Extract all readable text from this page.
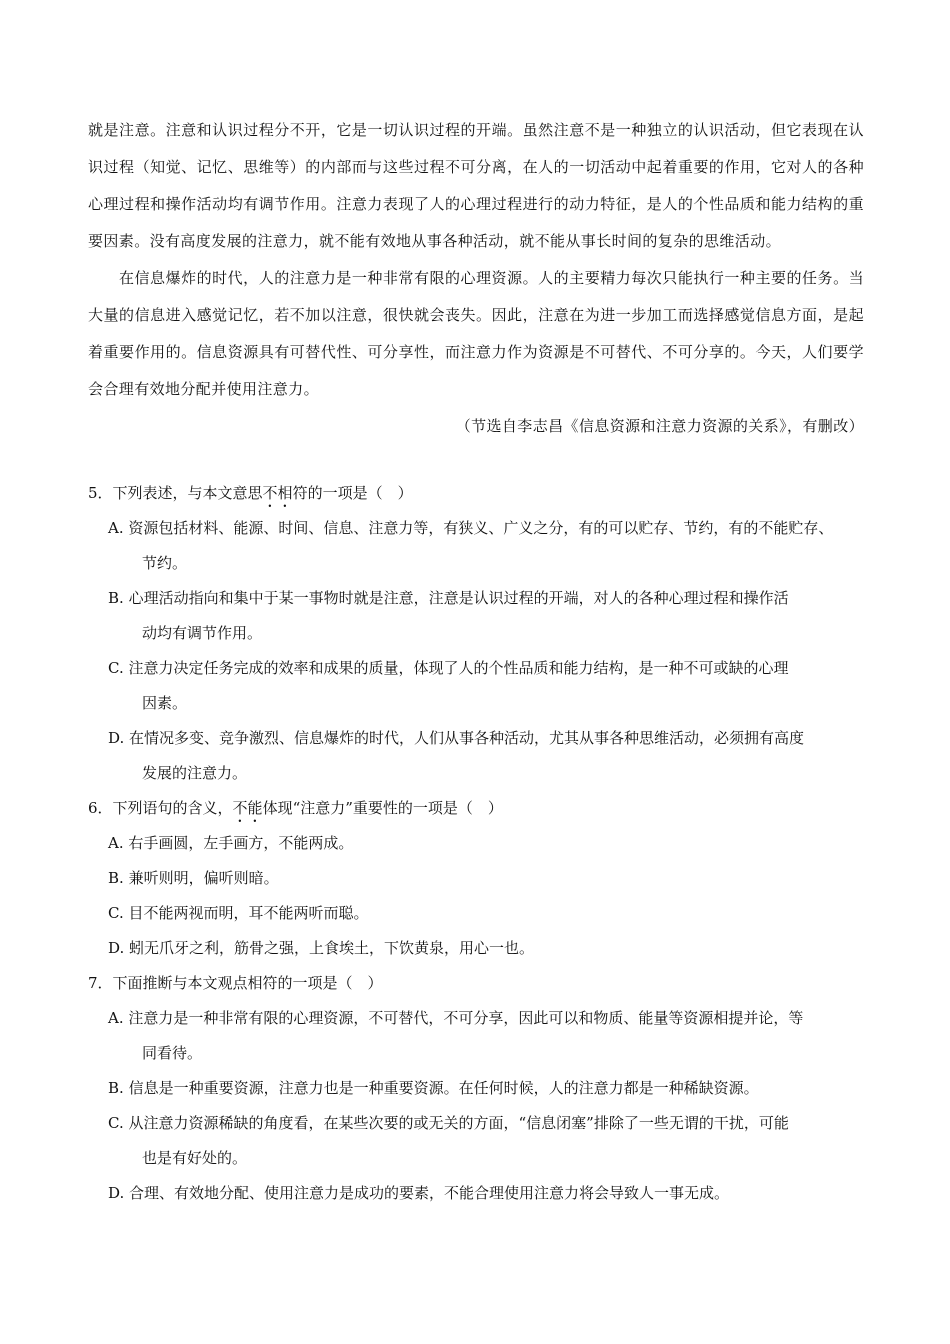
就是注意。注意和认识过程分不开，它是一切认识过程的开端。虽然注意不是一种独立的认识活动，但它表现在认识过程（知觉、记忆、思维等）的内部而与这些过程不可分离，在人的一切活动中起着重要的作用，它对人的各种心理过程和操作活动均有调节作用。注意力表现了人的心理过程进行的动力特征，是人的个性品质和能力结构的重要因素。没有高度发展的注意力，就不能有效地从事各种活动，就不能从事长时间的复杂的思维活动。

在信息爆炸的时代，人的注意力是一种非常有限的心理资源。人的主要精力每次只能执行一种主要的任务。当大量的信息进入感觉记忆，若不加以注意，很快就会丧失。因此，注意在为进一步加工而选择感觉信息方面，是起着重要作用的。信息资源具有可替代性、可分享性，而注意力作为资源是不可替代、不可分享的。今天，人们要学会合理有效地分配并使用注意力。

（节选自李志昌《信息资源和注意力资源的关系》，有删改）

5．下列表述，与本文意思不相符的一项是（　）

A. 资源包括材料、能源、时间、信息、注意力等，有狭义、广义之分，有的可以贮存、节约，有的不能贮存、
节约。

B. 心理活动指向和集中于某一事物时就是注意，注意是认识过程的开端，对人的各种心理过程和操作活
动均有调节作用。

C. 注意力决定任务完成的效率和成果的质量，体现了人的个性品质和能力结构，是一种不可或缺的心理
因素。

D. 在情况多变、竞争激烈、信息爆炸的时代，人们从事各种活动，尤其从事各种思维活动，必须拥有高度
发展的注意力。

6．下列语句的含义，不能体现“注意力”重要性的一项是（　）

A. 右手画圆，左手画方，不能两成。

B. 兼听则明，偏听则暗。

C. 目不能两视而明，耳不能两听而聪。

D. 蚓无爪牙之利，筋骨之强，上食埃土，下饮黄泉，用心一也。

7．下面推断与本文观点相符的一项是（　）

A. 注意力是一种非常有限的心理资源，不可替代，不可分享，因此可以和物质、能量等资源相提并论，等
同看待。

B. 信息是一种重要资源，注意力也是一种重要资源。在任何时候，人的注意力都是一种稀缺资源。

C. 从注意力资源稀缺的角度看，在某些次要的或无关的方面，“信息闭塞”排除了一些无谓的干扰，可能
也是有好处的。

D. 合理、有效地分配、使用注意力是成功的要素，不能合理使用注意力将会导致人一事无成。
